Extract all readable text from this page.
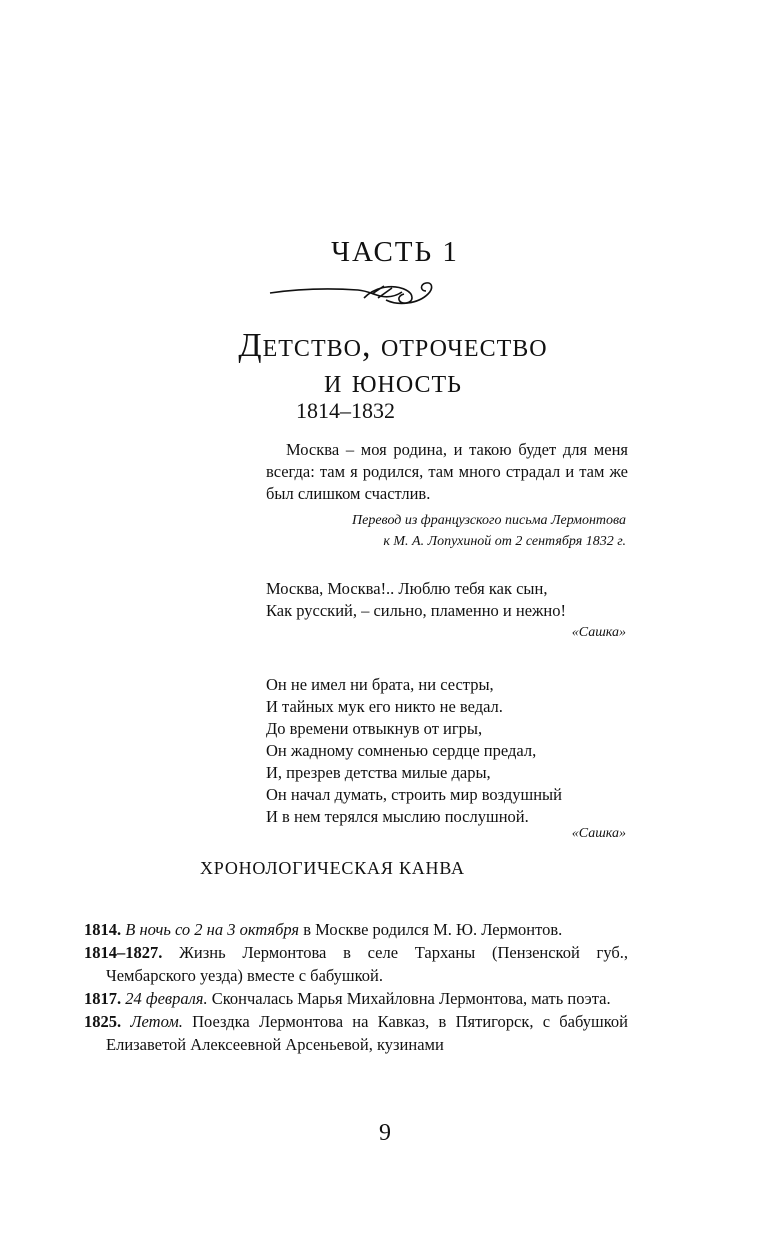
ЧАСТЬ 1
Детство, отрочество
и юность
1814–1832
Москва – моя родина, и такою будет для меня всегда: там я родился, там много страдал и там же был слишком счастлив.
Перевод из французского письма Лермонтова
к М. А. Лопухиной от 2 сентября 1832 г.
Москва, Москва!.. Люблю тебя как сын,
Как русский, – сильно, пламенно и нежно!
«Сашка»
Он не имел ни брата, ни сестры,
И тайных мук его никто не ведал.
До времени отвыкнув от игры,
Он жадному сомненью сердце предал,
И, презрев детства милые дары,
Он начал думать, строить мир воздушный
И в нем терялся мыслию послушной.
«Сашка»
ХРОНОЛОГИЧЕСКАЯ КАНВА

1814. В ночь со 2 на 3 октября в Москве родился М. Ю. Лермонтов.

1814–1827. Жизнь Лермонтова в селе Тарханы (Пензенской губ., Чембарского уезда) вместе с бабушкой.

1817. 24 февраля. Скончалась Марья Михайловна Лермонтова, мать поэта.

1825. Летом. Поездка Лермонтова на Кавказ, в Пятигорск, с бабушкой Елизаветой Алексеевной Арсеньевой, кузинами

9
